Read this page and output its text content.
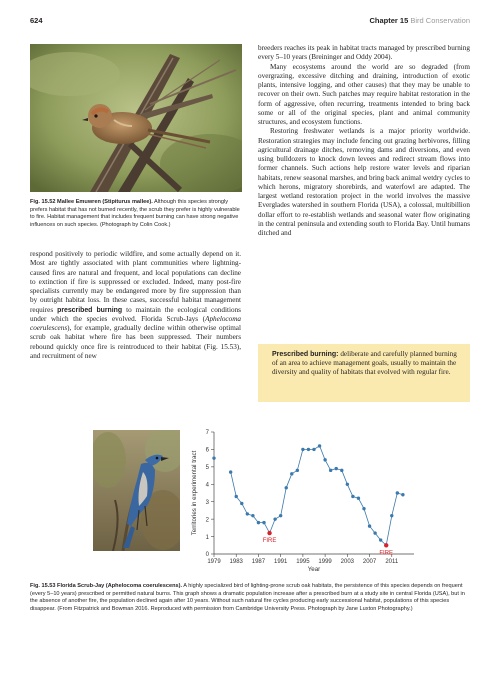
624	Chapter 15 Bird Conservation
Fig. 15.52 Mallee Emuwren (Stipiturus mallee). Although this species strongly prefers habitat that has not burned recently, the scrub they prefer is highly vulnerable to fire. Habitat management that includes frequent burning can have strong negative influences on such species. (Photograph by Colin Cook.)

respond positively to periodic wildfire, and some actually depend on it. Most are tightly associated with plant communities where lightning-caused fires are natural and frequent, and local populations can decline to extinction if fire is suppressed or excluded. Indeed, many post-fire specialists currently may be endangered more by fire suppression than by outright habitat loss. In these cases, successful habitat management requires prescribed burning to maintain the ecological conditions under which the species evolved. Florida Scrub-Jays (Aphelocoma coerulescens), for example, gradually decline within otherwise optimal scrub oak habitat where fire has been suppressed. Their numbers rebound quickly once fire is reintroduced to their habitat (Fig. 15.53), and recruitment of new

breeders reaches its peak in habitat tracts managed by prescribed burning every 5–10 years (Breininger and Oddy 2004).

Many ecosystems around the world are so degraded (from overgrazing, excessive ditching and draining, introduction of exotic plants, intensive logging, and other causes) that they may be unable to recover on their own. Such patches may require habitat restoration in the form of aggressive, often recurring, treatments intended to bring back some or all of the original species, plant and animal community structures, and ecosystem functions.

Restoring freshwater wetlands is a major priority worldwide. Restoration strategies may include fencing out grazing herbivores, filling agricultural drainage ditches, removing dams and diversions, and even using bulldozers to knock down levees and redirect stream flows into former channels. Such actions help restore water levels and riparian habitats, renew seasonal marshes, and bring back animal wetdry cycles to which herons, migratory shorebirds, and waterfowl are adapted. The largest wetland restoration project in the world involves the massive Everglades watershed in southern Florida (USA), a colossal, multibillion dollar effort to re-establish wetlands and seasonal water flow originating in the central peninsula and extending south to Florida Bay. Until humans ditched and

Prescribed burning: deliberate and carefully planned burning of an area to achieve management goals, usually to maintain the diversity and quality of habitats that evolved with regular fire.
0
1
2
3
4
5
6
7
1979 1983 1987 1991 1995 1999 2003 2007 2011
Territories in experimental tract
Year
FIRE
FIRE
Fig. 15.53 Florida Scrub-Jay (Aphelocoma coerulescens). A highly specialized bird of lighting-prone scrub oak habitats, the persistence of this species depends on frequent (every 5–10 years) prescribed or permitted natural burns. This graph shows a dramatic population increase after a prescribed burn at a study site in central Florida (USA), but in the absence of another fire, the population declined again after 10 years. Without such natural fire cycles producing early successional habitat, populations of this species disappear. (From Fitzpatrick and Bowman 2016. Reproduced with permission from Cambridge University Press. Photograph by Jane Luxton Photography.)
